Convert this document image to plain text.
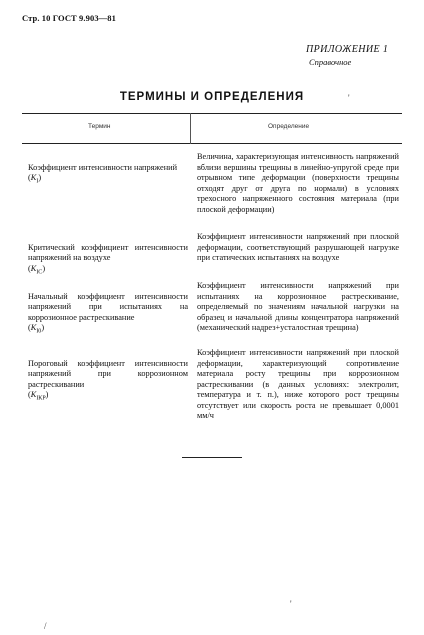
Стр. 10 ГОСТ 9.903—81
ПРИЛОЖЕНИЕ 1
Справочное
ТЕРМИНЫ И ОПРЕДЕЛЕНИЯ
Термин	Определение

Коэффициент интенсивности напряжений
$(K_I)$

Величина, характеризующая интенсивность напряжений вблизи вершины трещины в линейно-упругой среде при отрывном типе деформации (поверхности трещины отходят друг от друга по нормали) в условиях трехосного напряженного состояния материала (при плоской деформации)

Критический коэффициент интенсивности напряжений на воздухе
$(K_{IC})$

Коэффициент интенсивности напряжений при плоской деформации, соответствующий разрушающей нагрузке при статических испытаниях на воздухе

Начальный коэффициент интенсивности напряжений при испытаниях на коррозионное растрескивание
$(K_{I0})$

Коэффициент интенсивности напряжений при испытаниях на коррозионное растрескивание, определяемый по значениям начальной нагрузки на образец и начальной длины концентратора напряжений (механический надрез+усталостная трещина)

Пороговый коэффициент интенсивности напряжений при коррозионном растрескивании
$(K_{IКР})$

Коэффициент интенсивности напряжений при плоской деформации, характеризующий сопротивление материала росту трещины при коррозионном растрескивании (в данных условиях: электролит, температура и т. п.), ниже которого рост трещины отсутствует или скорость роста не превышает 0,0001 мм/ч
'
'
/
